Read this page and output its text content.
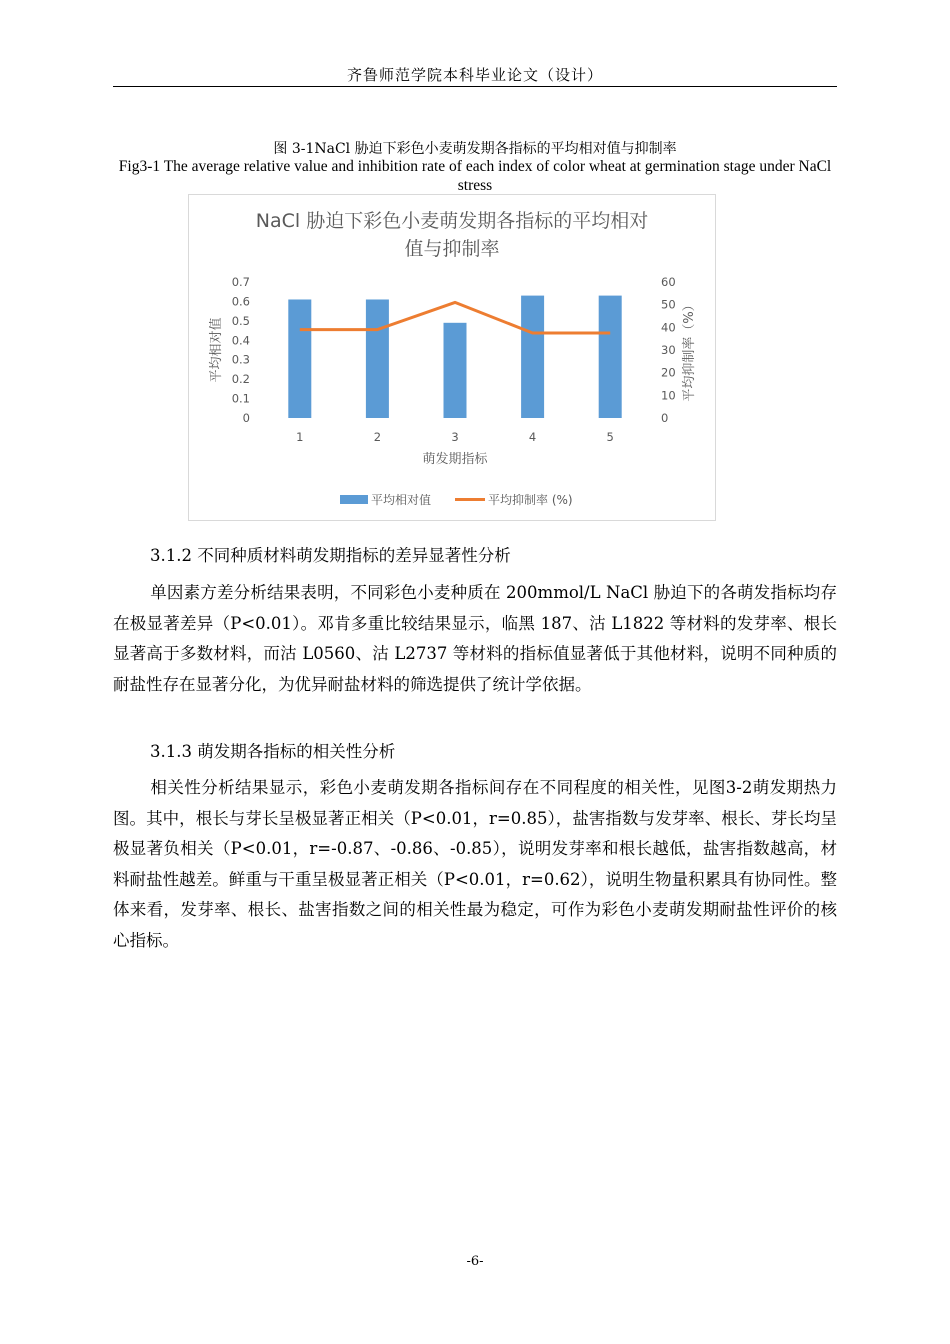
齐鲁师范学院本科毕业论文（设计）
图 3-1NaCl 胁迫下彩色小麦萌发期各指标的平均相对值与抑制率
Fig3-1 The average relative value and inhibition rate of each index of color wheat at germination stage under NaCl stress
NaCl 胁迫下彩色小麦萌发期各指标的平均相对
值与抑制率
0
0.1
0.2
0.3
0.4
0.5
0.6
0.7
0
10
20
30
40
50
60
平均相对值	平均抑制率（%）
1	2	3	4	5
萌发期指标
平均相对值	平均抑制率 (%)
3.1.2 不同种质材料萌发期指标的差异显著性分析

单因素方差分析结果表明，不同彩色小麦种质在 200mmol/L NaCl 胁迫下的各萌发指标均存在极显著差异（P<0.01）。邓肯多重比较结果显示，临黑 187、沽 L1822 等材料的发芽率、根长显著高于多数材料，而沽 L0560、沽 L2737 等材料的指标值显著低于其他材料，说明不同种质的耐盐性存在显著分化，为优异耐盐材料的筛选提供了统计学依据。

3.1.3 萌发期各指标的相关性分析

相关性分析结果显示，彩色小麦萌发期各指标间存在不同程度的相关性，见图3-2萌发期热力图。其中，根长与芽长呈极显著正相关（P<0.01，r=0.85），盐害指数与发芽率、根长、芽长均呈极显著负相关（P<0.01，r=-0.87、-0.86、-0.85），说明发芽率和根长越低，盐害指数越高，材料耐盐性越差。鲜重与干重呈极显著正相关（P<0.01，r=0.62），说明生物量积累具有协同性。整体来看，发芽率、根长、盐害指数之间的相关性最为稳定，可作为彩色小麦萌发期耐盐性评价的核心指标。

-6-
